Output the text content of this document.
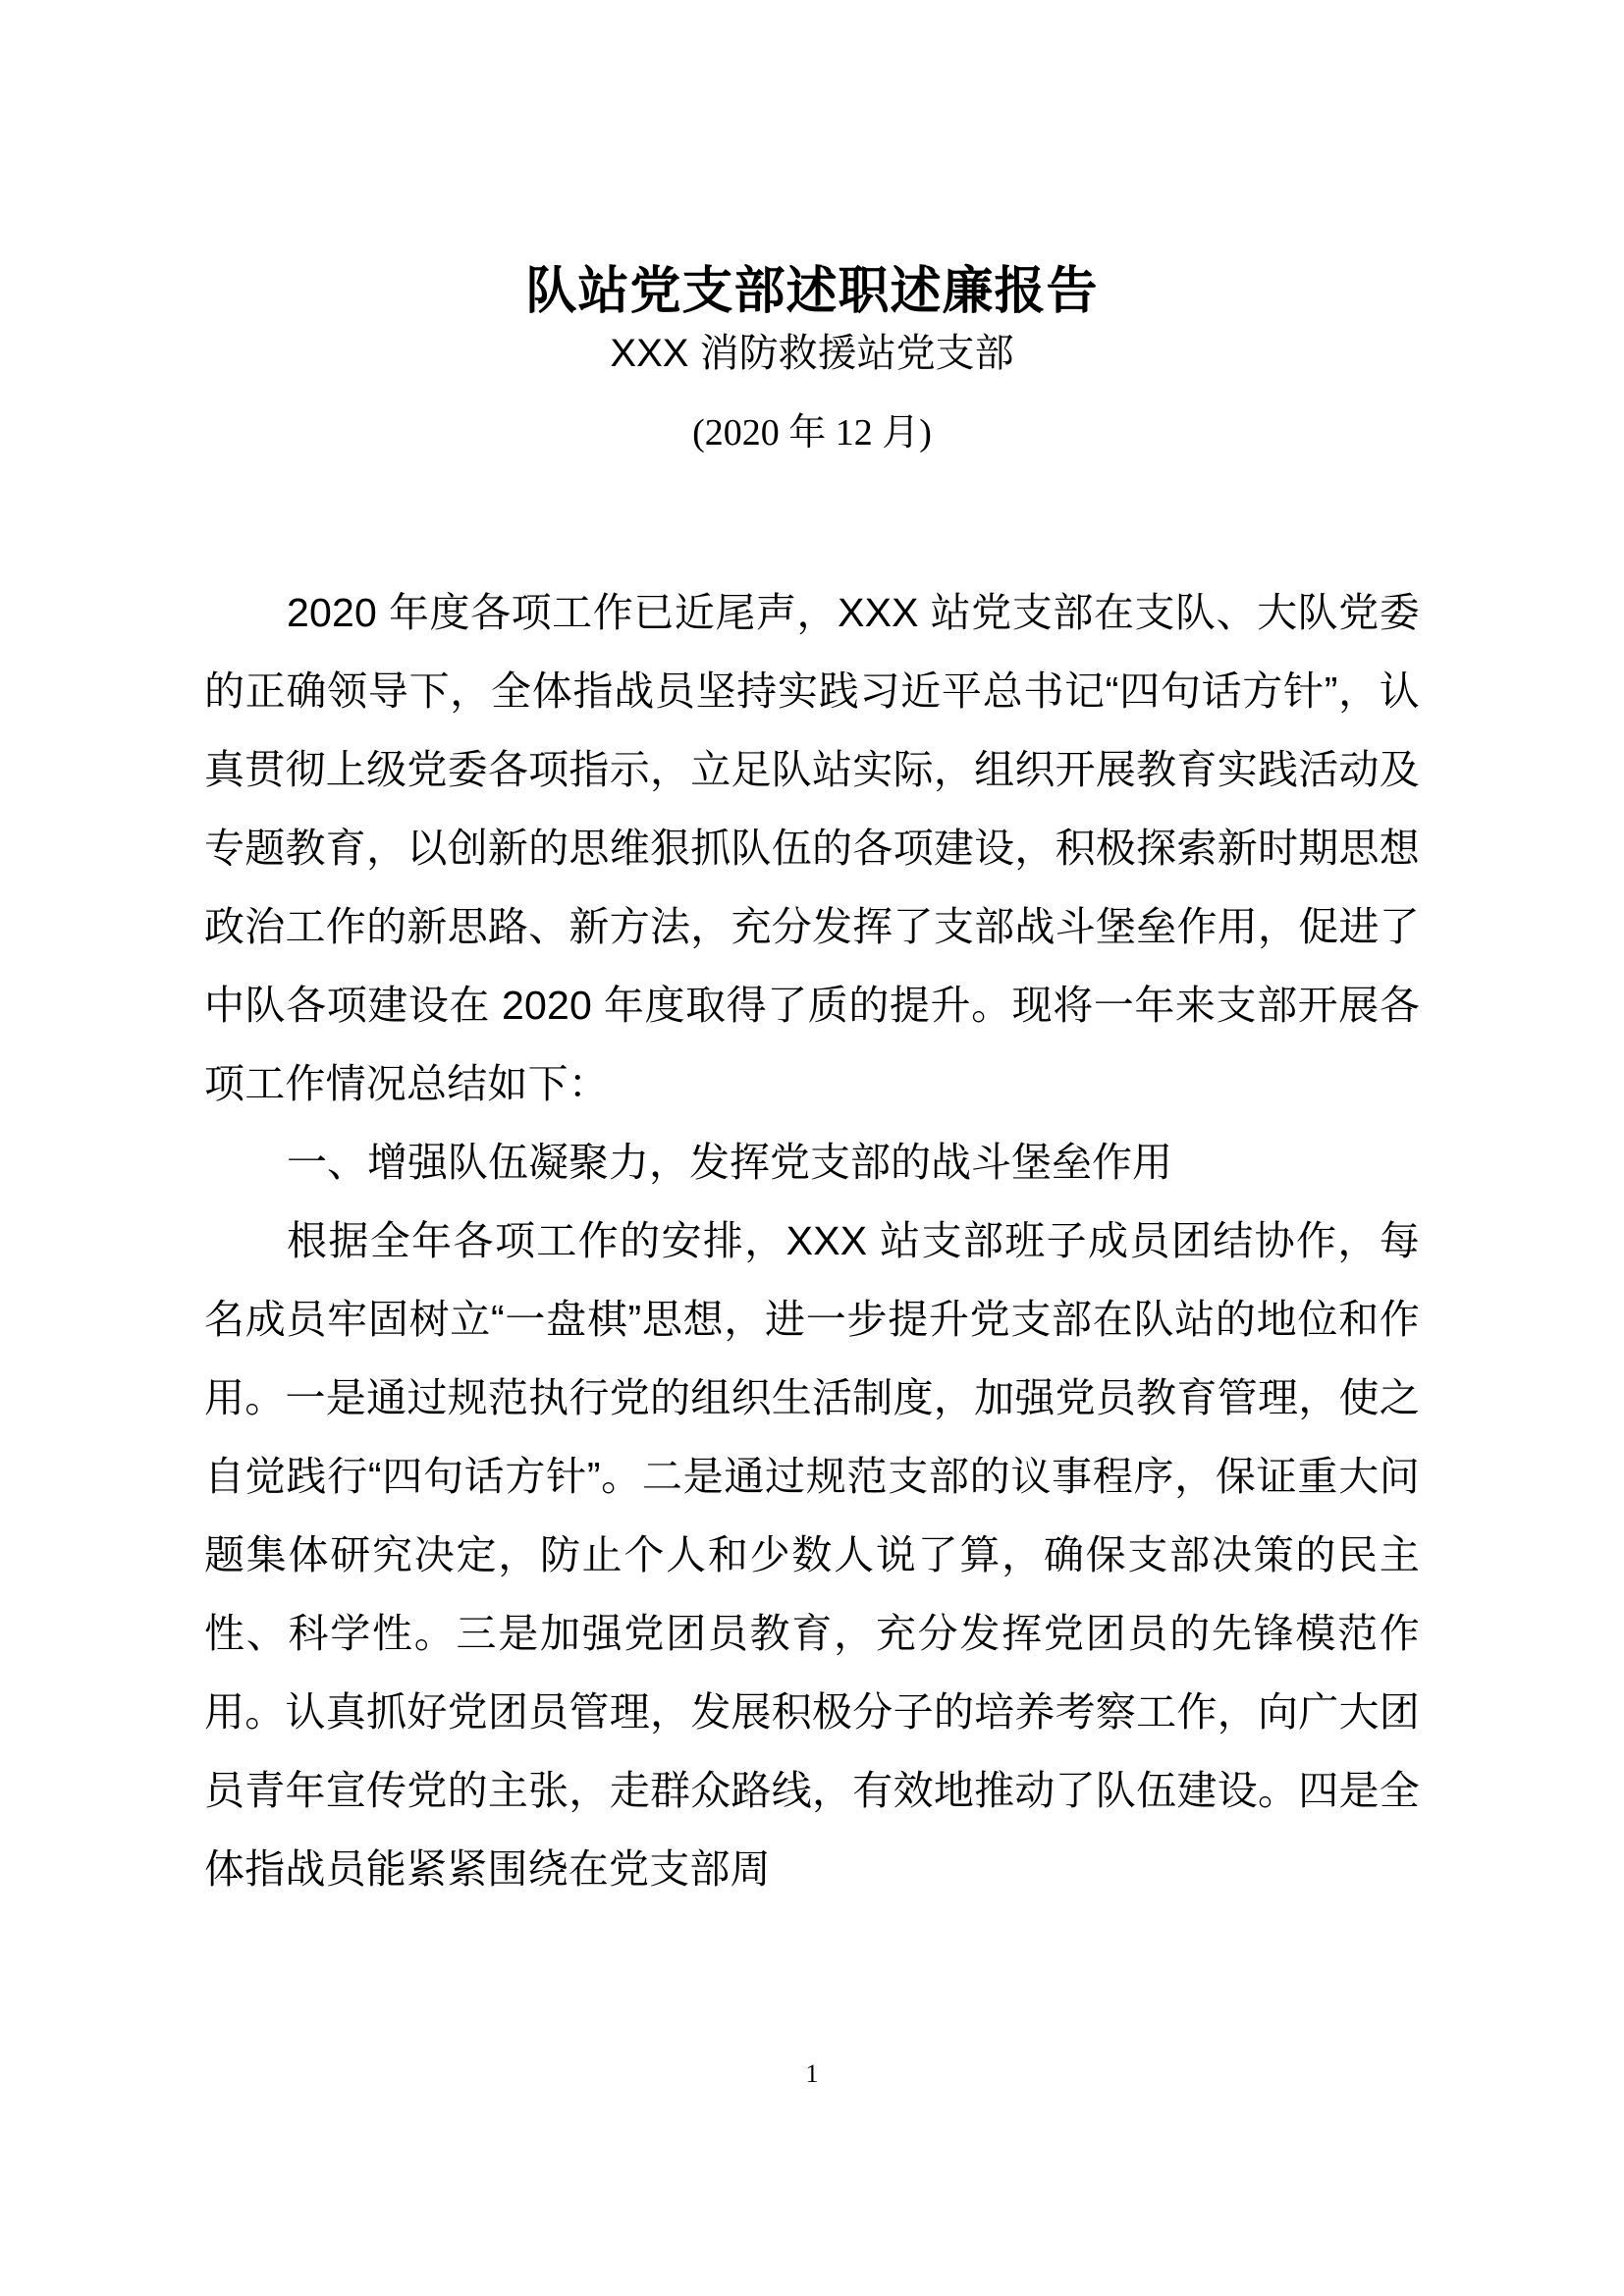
队站党支部述职述廉报告
XXX 消防救援站党支部
(2020 年 12 月)

2020 年度各项工作已近尾声，XXX 站党支部在支队、大队党委的正确领导下，全体指战员坚持实践习近平总书记“四句话方针”，认真贯彻上级党委各项指示，立足队站实际，组织开展教育实践活动及专题教育，以创新的思维狠抓队伍的各项建设，积极探索新时期思想政治工作的新思路、新方法，充分发挥了支部战斗堡垒作用，促进了中队各项建设在 2020 年度取得了质的提升。现将一年来支部开展各项工作情况总结如下：

一、增强队伍凝聚力，发挥党支部的战斗堡垒作用

根据全年各项工作的安排，XXX 站支部班子成员团结协作，每名成员牢固树立“一盘棋”思想，进一步提升党支部在队站的地位和作用。一是通过规范执行党的组织生活制度，加强党员教育管理，使之自觉践行“四句话方针”。二是通过规范支部的议事程序，保证重大问题集体研究决定，防止个人和少数人说了算，确保支部决策的民主性、科学性。三是加强党团员教育，充分发挥党团员的先锋模范作用。认真抓好党团员管理，发展积极分子的培养考察工作，向广大团员青年宣传党的主张，走群众路线，有效地推动了队伍建设。四是全体指战员能紧紧围绕在党支部周

1
